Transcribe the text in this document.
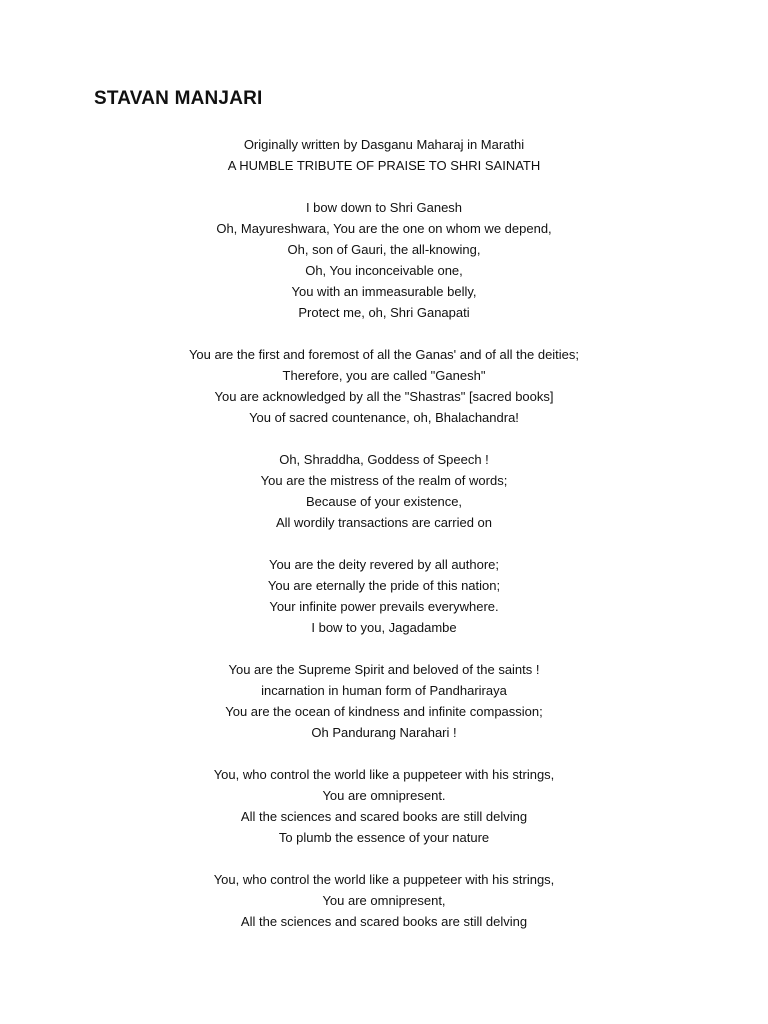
STAVAN MANJARI
Originally written by Dasganu Maharaj in Marathi
A HUMBLE TRIBUTE OF PRAISE TO SHRI SAINATH
I bow down to Shri Ganesh
Oh, Mayureshwara, You are the one on whom we depend,
Oh, son of Gauri, the all-knowing,
Oh, You inconceivable one,
You with an immeasurable belly,
Protect me, oh, Shri Ganapati
You are the first and foremost of all the Ganas' and of all the deities;
Therefore, you are called "Ganesh"
You are acknowledged by all the "Shastras" [sacred books]
You of sacred countenance, oh, Bhalachandra!
Oh, Shraddha, Goddess of Speech !
You are the mistress of the realm of words;
Because of your existence,
All wordily transactions are carried on
You are the deity revered by all authore;
You are eternally the pride of this nation;
Your infinite power prevails everywhere.
I bow to you, Jagadambe
You are the Supreme Spirit and beloved of the saints !
incarnation in human form of Pandhariraya
You are the ocean of kindness and infinite compassion;
Oh Pandurang Narahari !
You, who control the world like a puppeteer with his strings,
You are omnipresent.
All the sciences and scared books are still delving
To plumb the essence of your nature
You, who control the world like a puppeteer with his strings,
You are omnipresent,
All the sciences and scared books are still delving
